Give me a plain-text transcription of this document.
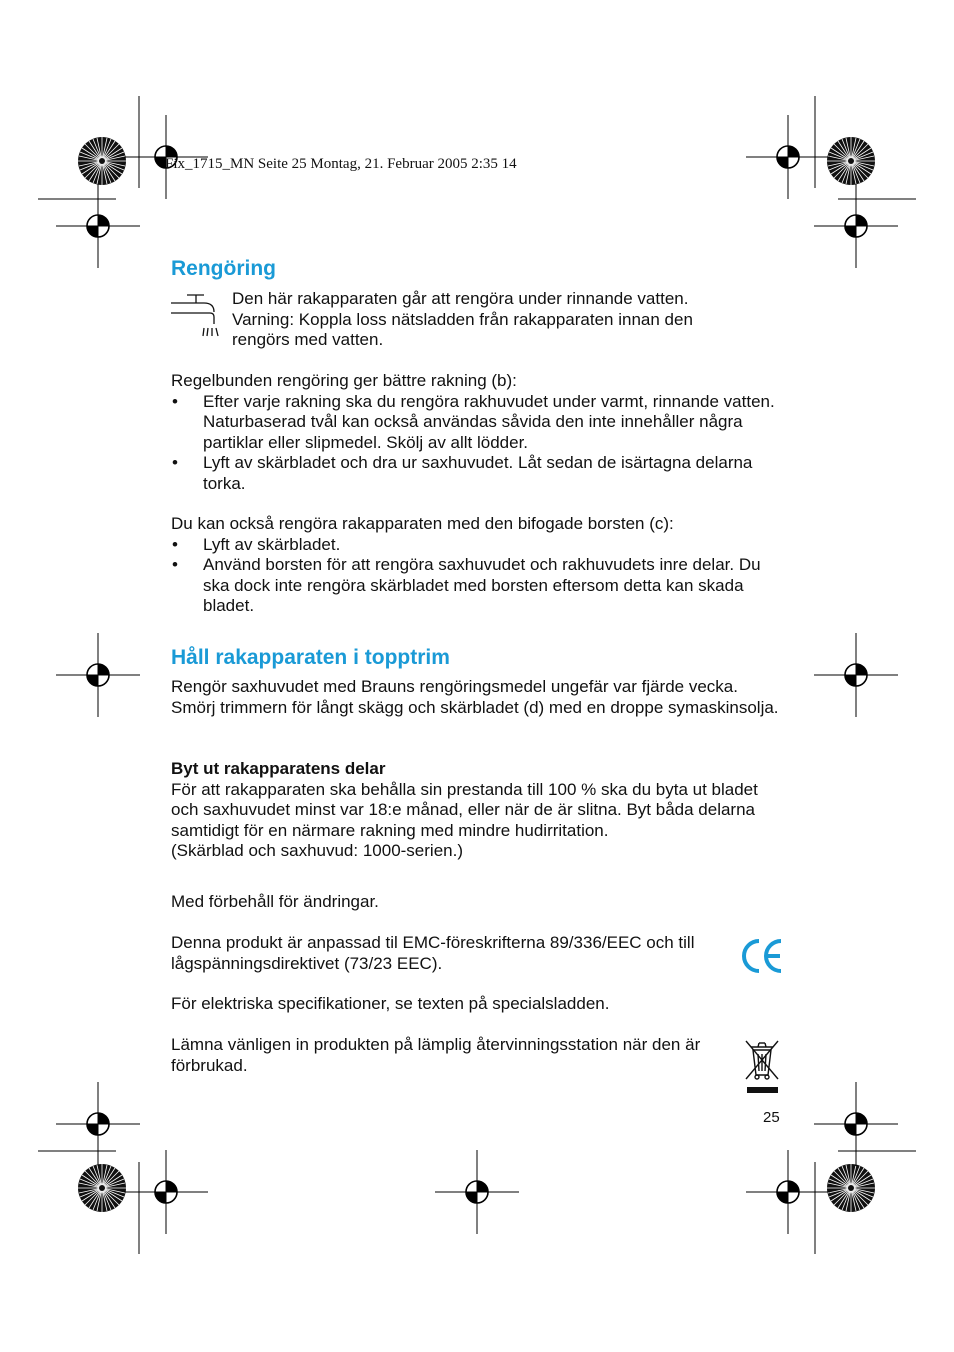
Fix_1715_MN Seite 25 Montag, 21. Februar 2005 2:35 14
Rengöring

Den här rakapparaten går att rengöra under rinnande vatten.

Varning: Koppla loss nätsladden från rakapparaten innan den

rengörs med vatten.

Regelbunden rengöring ger bättre rakning (b):

• Efter varje rakning ska du rengöra rakhuvudet under varmt, rinnande vatten. Naturbaserad tvål kan också användas såvida den inte innehåller några partiklar eller slipmedel. Skölj av allt lödder.
• Lyft av skärbladet och dra ur saxhuvudet. Låt sedan de isärtagna delarna torka.

Du kan också rengöra rakapparaten med den bifogade borsten (c):

• Lyft av skärbladet.
• Använd borsten för att rengöra saxhuvudet och rakhuvudets inre delar. Du ska dock inte rengöra skärbladet med borsten eftersom detta kan skada bladet.
Håll rakapparaten i topptrim

Rengör saxhuvudet med Brauns rengöringsmedel ungefär var fjärde vecka. Smörj trimmern för långt skägg och skärbladet (d) med en droppe symaskinsolja.

Byt ut rakapparatens delar

För att rakapparaten ska behålla sin prestanda till 100 % ska du byta ut bladet och saxhuvudet minst var 18:e månad, eller när de är slitna. Byt båda delarna samtidigt för en närmare rakning med mindre hudirritation.

(Skärblad och saxhuvud: 1000-serien.)

Med förbehåll för ändringar.

Denna produkt är anpassad til EMC-föreskrifterna 89/336/EEC och till lågspänningsdirektivet (73/23 EEC).

För elektriska specifikationer, se texten på specialsladden.

Lämna vänligen in produkten på lämplig återvinningsstation när den är förbrukad.

25
